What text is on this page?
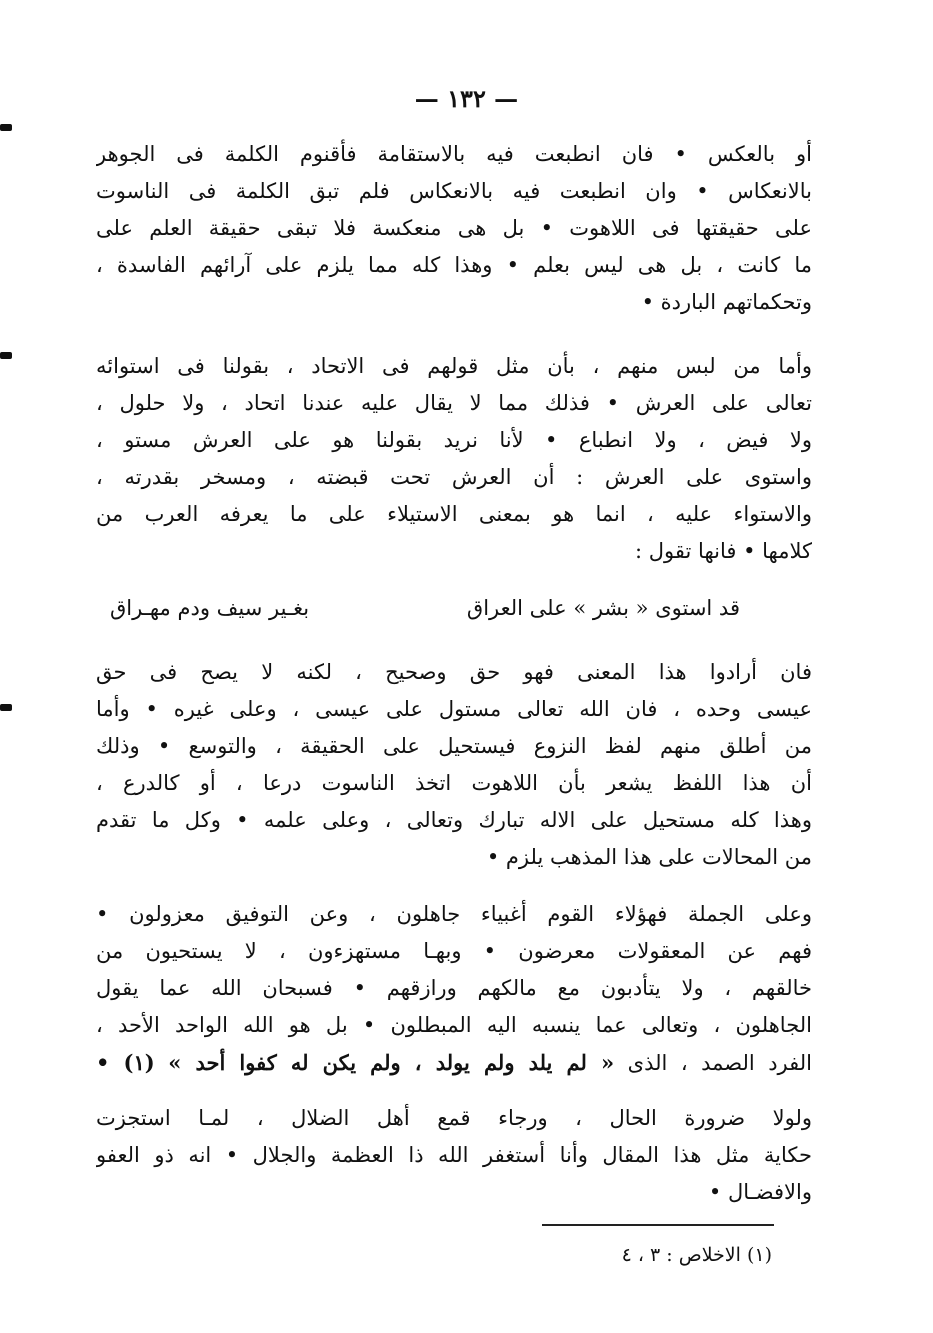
— ١٣٢ —
أو بالعكس • فان انطبعت فيه بالاستقامة فأقنوم الكلمة فى الجوهر
بالانعكاس • وان انطبعت فيه بالانعكاس فلم تبق الكلمة فى الناسوت
على حقيقتها فى اللاهوت • بل هى منعكسة فلا تبقى حقيقة العلم على
ما كانت ، بل هى ليس بعلم • وهذا كله مما يلزم على آرائهم الفاسدة ،
وتحكماتهم الباردة •
وأما من لبس منهم ، بأن مثل قولهم فى الاتحاد ، بقولنا فى استوائه
تعالى على العرش • فذلك مما لا يقال عليه عندنا اتحاد ، ولا حلول ،
ولا فيض ، ولا انطباع • لأنا نريد بقولنا هو على العرش مستو ،
واستوى على العرش : أن العرش تحت قبضته ، ومسخر بقدرته ،
والاستواء عليه ، انما هو بمعنى الاستيلاء على ما يعرفه العرب من
كلامها • فانها تقول :
قد استوى « بشر » على العراق
بغـير سيف ودم مهـراق
فان أرادوا هذا المعنى فهو حق وصحيح ، لكنه لا يصح فى حق
عيسى وحده ، فان الله تعالى مستول على عيسى ، وعلى غيره • وأما
من أطلق منهم لفظ النزوع فيستحيل على الحقيقة ، والتوسع • وذلك
أن هذا اللفظ يشعر بأن اللاهوت اتخذ الناسوت درعا ، أو كالدرع ،
وهذا كله مستحيل على الاله تبارك وتعالى ، وعلى علمه • وكل ما تقدم
من المحالات على هذا المذهب يلزم •
وعلى الجملة فهؤلاء القوم أغبياء جاهلون ، وعن التوفيق معزولون •
فهم عن المعقولات معرضون • وبهـا مستهزءون ، لا يستحيون من
خالقهم ، ولا يتأدبون مع مالكهم ورازقهم • فسبحان الله عما يقول
الجاهلون ، وتعالى عما ينسبه اليه المبطلون • بل هو الله الواحد الأحد ،
الفرد الصمد ، الذى « لم يلد ولم يولد ، ولم يكن له كفوا أحد » (١) •
ولولا ضرورة الحال ، ورجاء قمع أهل الضلال ، لمـا استجزت
حكاية مثل هذا المقال وأنا أستغفر الله ذا العظمة والجلال • انه ذو العفو
والافضـال •
(١) الاخلاص : ٣ ، ٤
